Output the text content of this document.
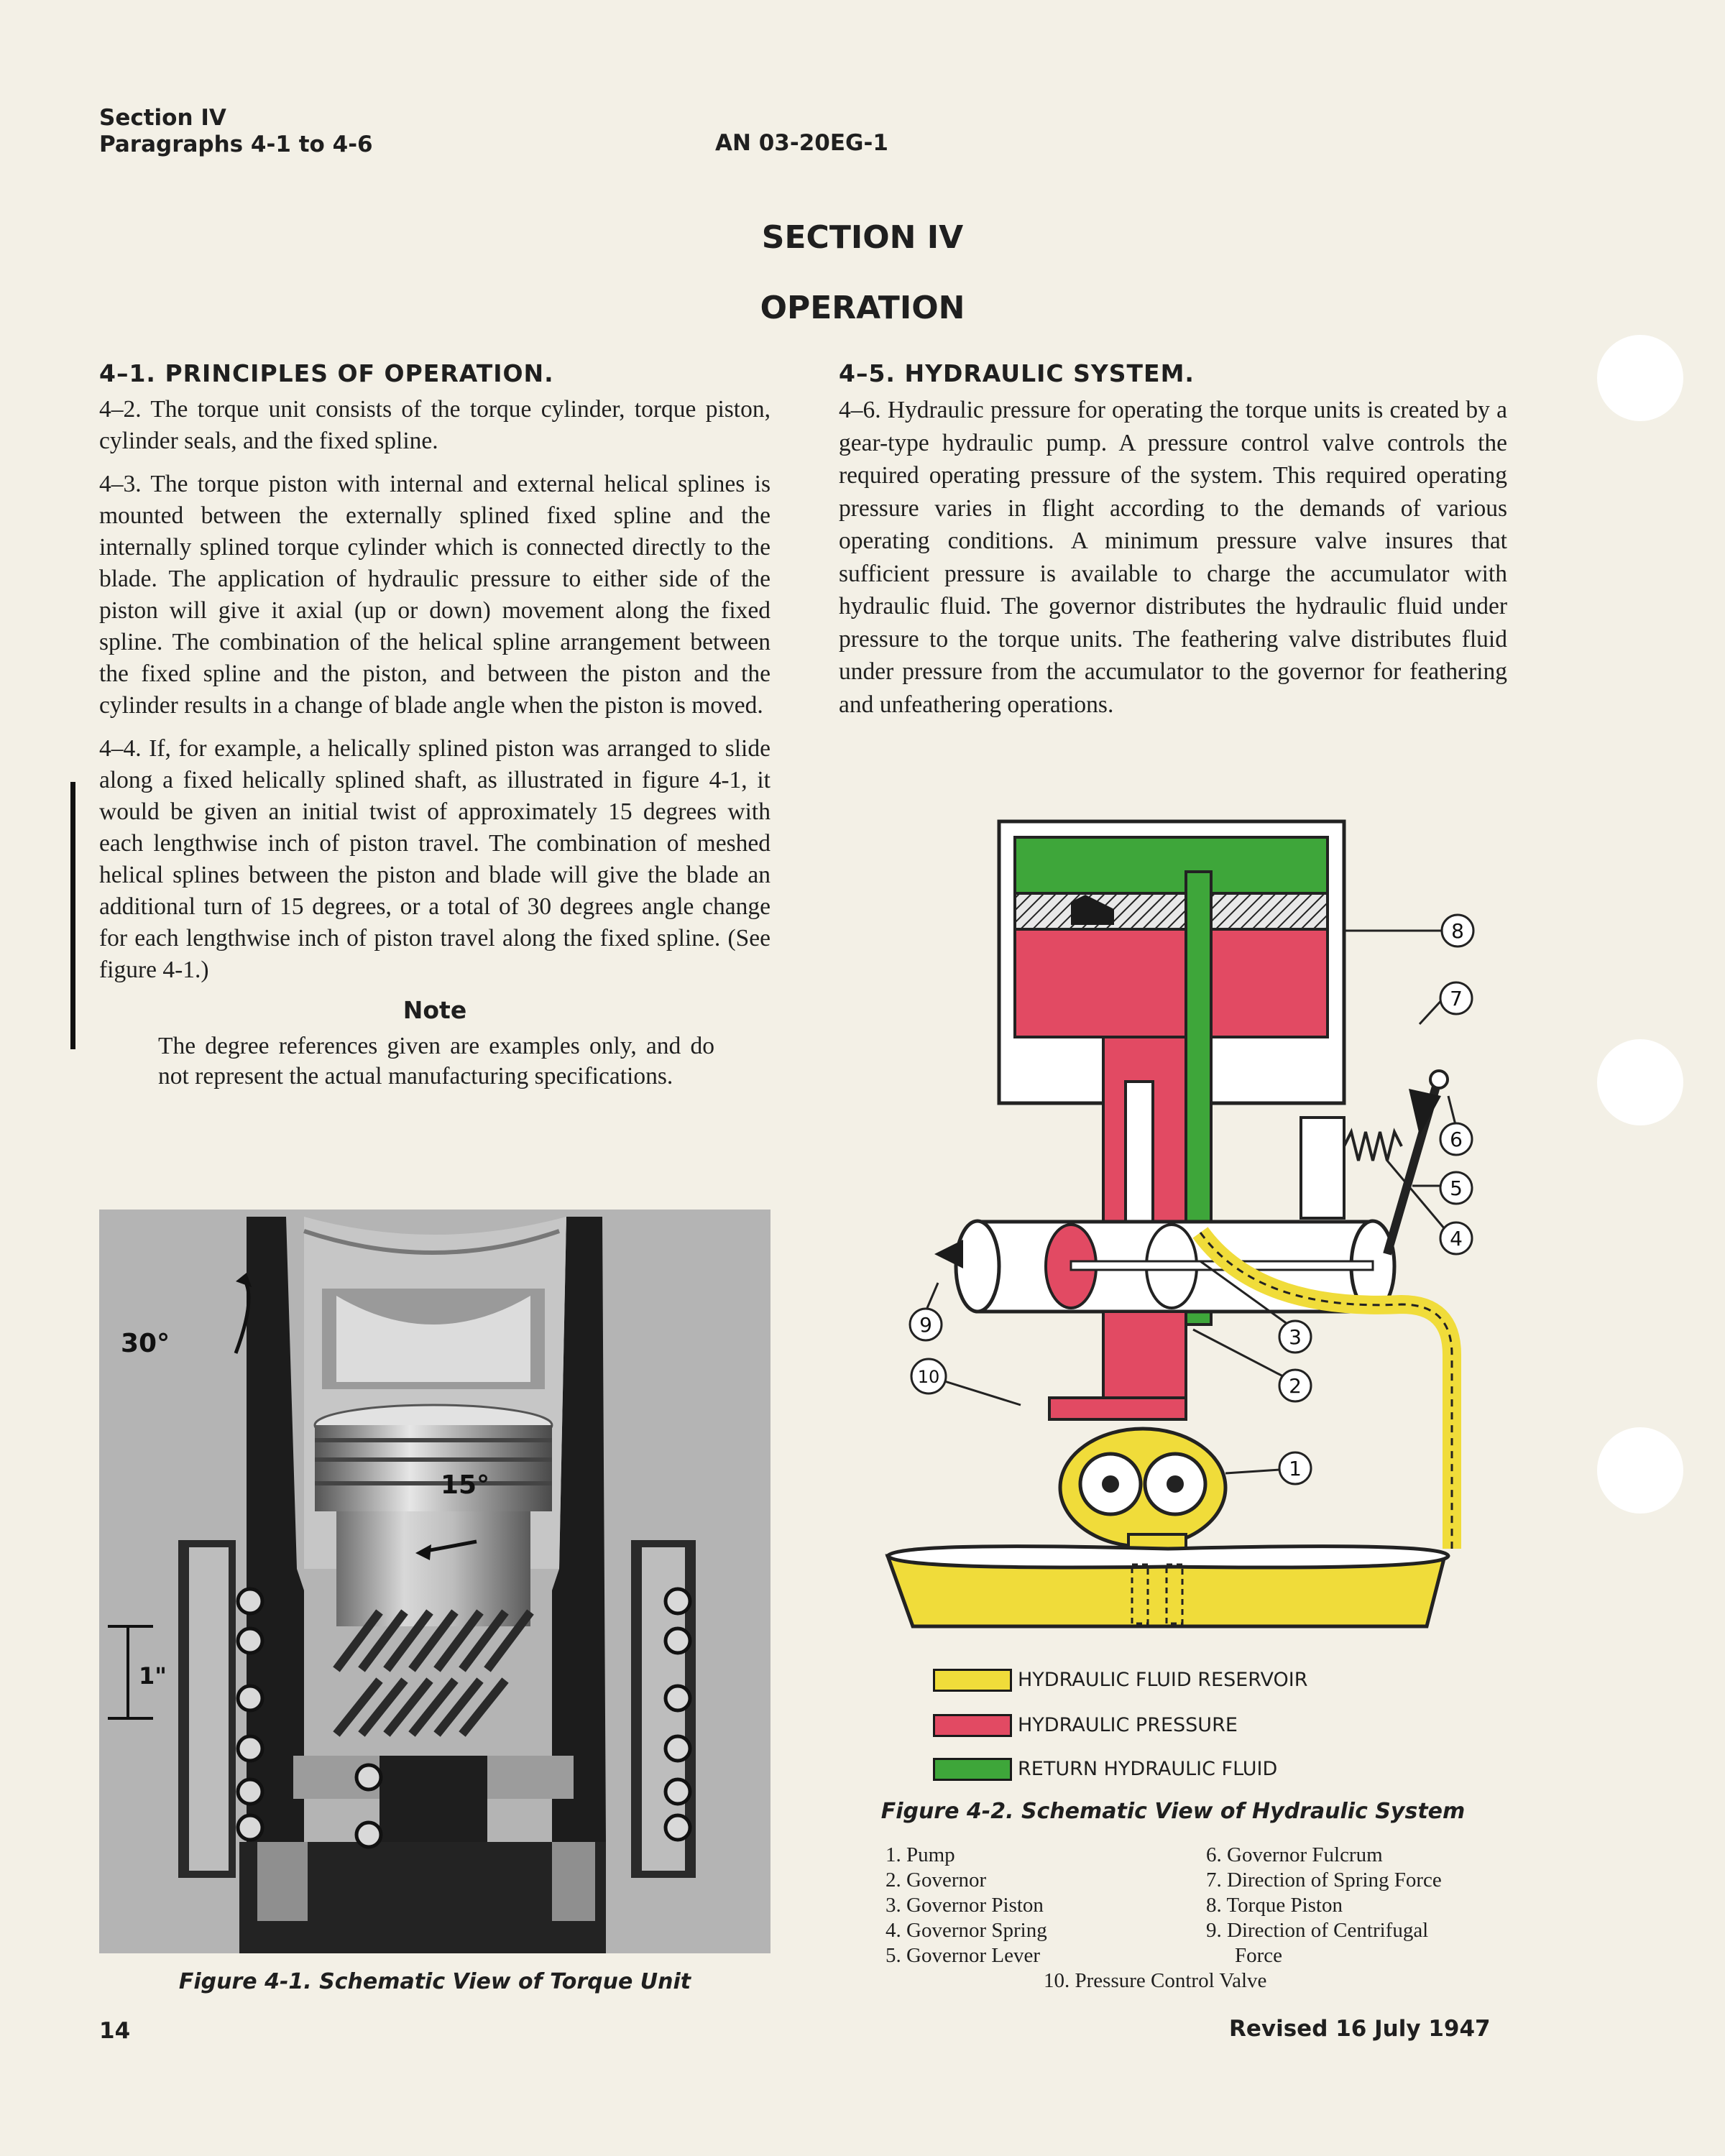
Section IV
Paragraphs 4-1 to 4-6	AN 03-20EG-1
SECTION IV
OPERATION
4–1. PRINCIPLES OF OPERATION.

4–2. The torque unit consists of the torque cylinder, torque piston, cylinder seals, and the fixed spline.

4–3. The torque piston with internal and external helical splines is mounted between the externally splined fixed spline and the internally splined torque cylinder which is connected directly to the blade. The application of hydraulic pressure to either side of the piston will give it axial (up or down) movement along the fixed spline. The combination of the helical spline arrangement between the fixed spline and the piston, and between the piston and the cylinder results in a change of blade angle when the piston is moved.

4–4. If, for example, a helically splined piston was arranged to slide along a fixed helically splined shaft, as illustrated in figure 4-1, it would be given an initial twist of approximately 15 degrees with each lengthwise inch of piston travel. The combination of meshed helical splines between the piston and blade will give the blade an additional turn of 15 degrees, or a total of 30 degrees angle change for each lengthwise inch of piston travel along the fixed spline. (See figure 4-1.)

Note

The degree references given are examples only, and do not represent the actual manufacturing specifications.

4–5. HYDRAULIC SYSTEM.

4–6. Hydraulic pressure for operating the torque units is created by a gear-type hydraulic pump. A pressure control valve controls the required operating pressure of the system. This required operating pressure varies in flight according to the demands of various operating conditions. A minimum pressure valve insures that sufficient pressure is available to charge the accumulator with hydraulic fluid. The governor distributes the hydraulic fluid under pressure to the torque units. The feathering valve distributes fluid under pressure from the accumulator to the governor for feathering and unfeathering operations.

30°
15°
1"
Figure 4-1. Schematic View of Torque Unit
8
7
6
5
4
3
2
1
9
10
HYDRAULIC FLUID RESERVOIR
HYDRAULIC PRESSURE
RETURN HYDRAULIC FLUID
Figure 4-2. Schematic View of Hydraulic System
1. Pump
2. Governor
3. Governor Piston
4. Governor Spring
5. Governor Lever
6. Governor Fulcrum
7. Direction of Spring Force
8. Torque Piston
9. Direction of Centrifugal
Force
10. Pressure Control Valve
14	Revised 16 July 1947
